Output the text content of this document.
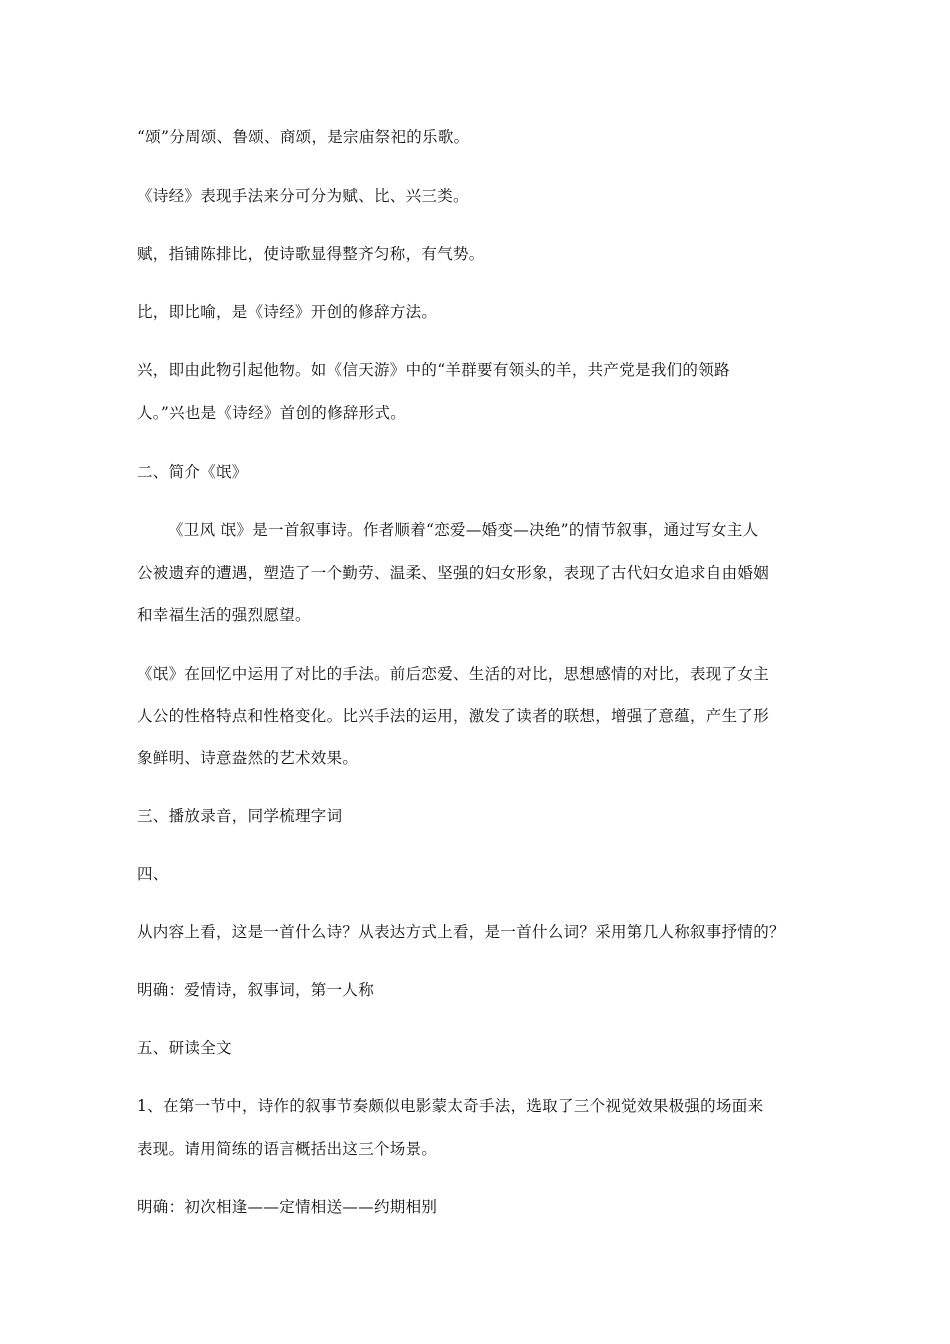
“颂”分周颂、鲁颂、商颂，是宗庙祭祀的乐歌。
《诗经》表现手法来分可分为赋、比、兴三类。
赋，指铺陈排比，使诗歌显得整齐匀称，有气势。
比，即比喻，是《诗经》开创的修辞方法。
兴，即由此物引起他物。如《信天游》中的“羊群要有领头的羊，共产党是我们的领路
人。”兴也是《诗经》首创的修辞形式。
二、简介《氓》
《卫风 氓》是一首叙事诗。作者顺着“恋爱—婚变—决绝”的情节叙事，通过写女主人
公被遗弃的遭遇，塑造了一个勤劳、温柔、坚强的妇女形象，表现了古代妇女追求自由婚姻
和幸福生活的强烈愿望。
《氓》在回忆中运用了对比的手法。前后恋爱、生活的对比，思想感情的对比，表现了女主
人公的性格特点和性格变化。比兴手法的运用，激发了读者的联想，增强了意蕴，产生了形
象鲜明、诗意盎然的艺术效果。
三、播放录音，同学梳理字词
四、
从内容上看，这是一首什么诗？从表达方式上看，是一首什么词？采用第几人称叙事抒情的？
明确：爱情诗，叙事词，第一人称
五、研读全文
1、在第一节中，诗作的叙事节奏颇似电影蒙太奇手法，选取了三个视觉效果极强的场面来
表现。请用简练的语言概括出这三个场景。
明确：初次相逢——定情相送——约期相别
